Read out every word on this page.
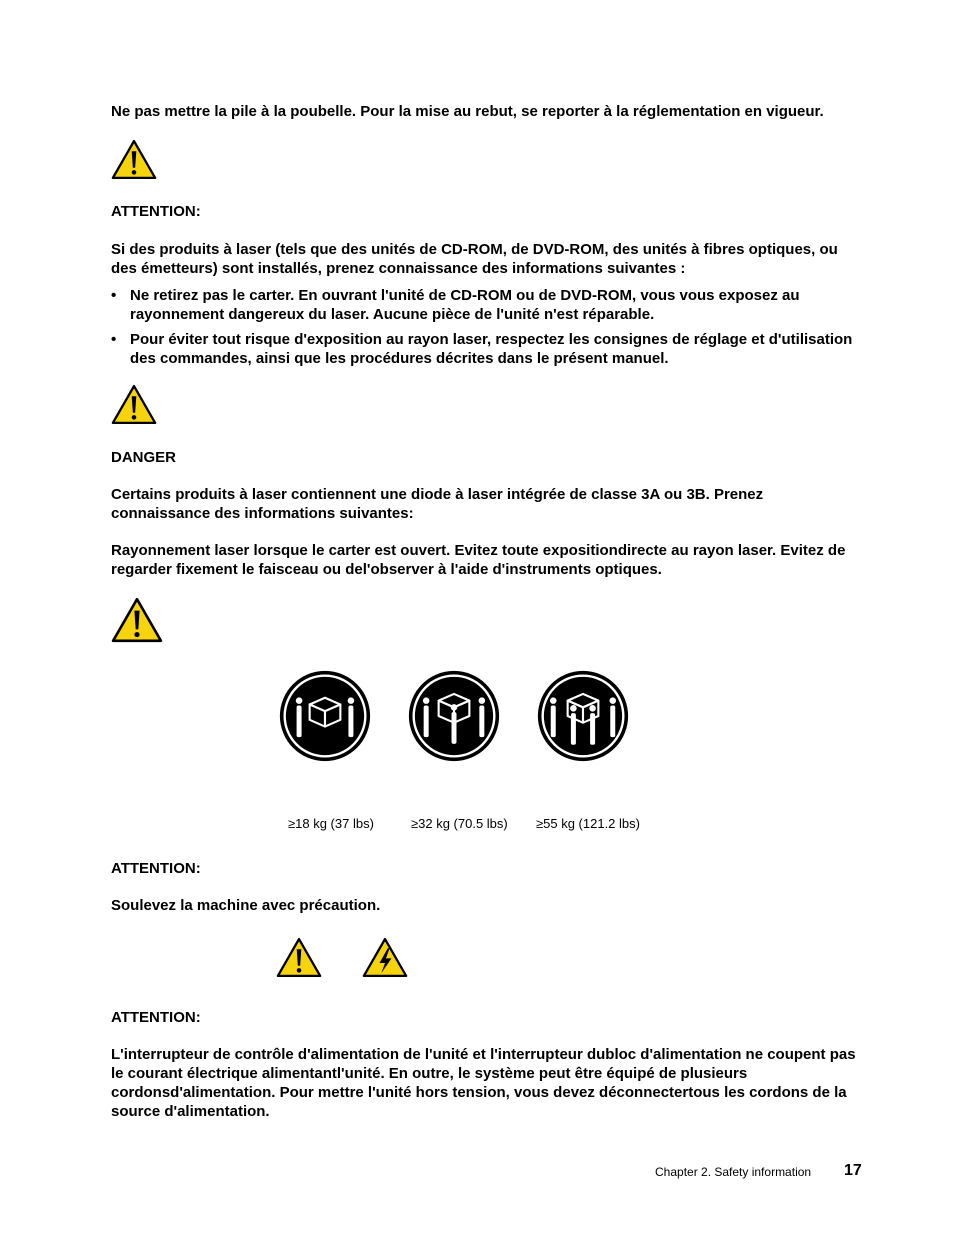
Ne pas mettre la pile à la poubelle. Pour la mise au rebut, se reporter à la réglementation en vigueur.

ATTENTION:

Si des produits à laser (tels que des unités de CD-ROM, de DVD-ROM, des unités à fibres optiques, ou des émetteurs) sont installés, prenez connaissance des informations suivantes :

• Ne retirez pas le carter. En ouvrant l'unité de CD-ROM ou de DVD-ROM, vous vous exposez au rayonnement dangereux du laser. Aucune pièce de l'unité n'est réparable.
• Pour éviter tout risque d'exposition au rayon laser, respectez les consignes de réglage et d'utilisation des commandes, ainsi que les procédures décrites dans le présent manuel.

DANGER

Certains produits à laser contiennent une diode à laser intégrée de classe 3A ou 3B. Prenez connaissance des informations suivantes:

Rayonnement laser lorsque le carter est ouvert. Evitez toute expositiondirecte au rayon laser. Evitez de regarder fixement le faisceau ou del'observer à l'aide d'instruments optiques.

≥18 kg (37 lbs)	≥32 kg (70.5 lbs) ≥55 kg (121.2 lbs)

ATTENTION:

Soulevez la machine avec précaution.

ATTENTION:

L'interrupteur de contrôle d'alimentation de l'unité et l'interrupteur dubloc d'alimentation ne coupent pas le courant électrique alimentantl'unité. En outre, le système peut être équipé de plusieurs cordonsd'alimentation. Pour mettre l'unité hors tension, vous devez déconnectertous les cordons de la source d'alimentation.

Chapter 2. Safety information 17
